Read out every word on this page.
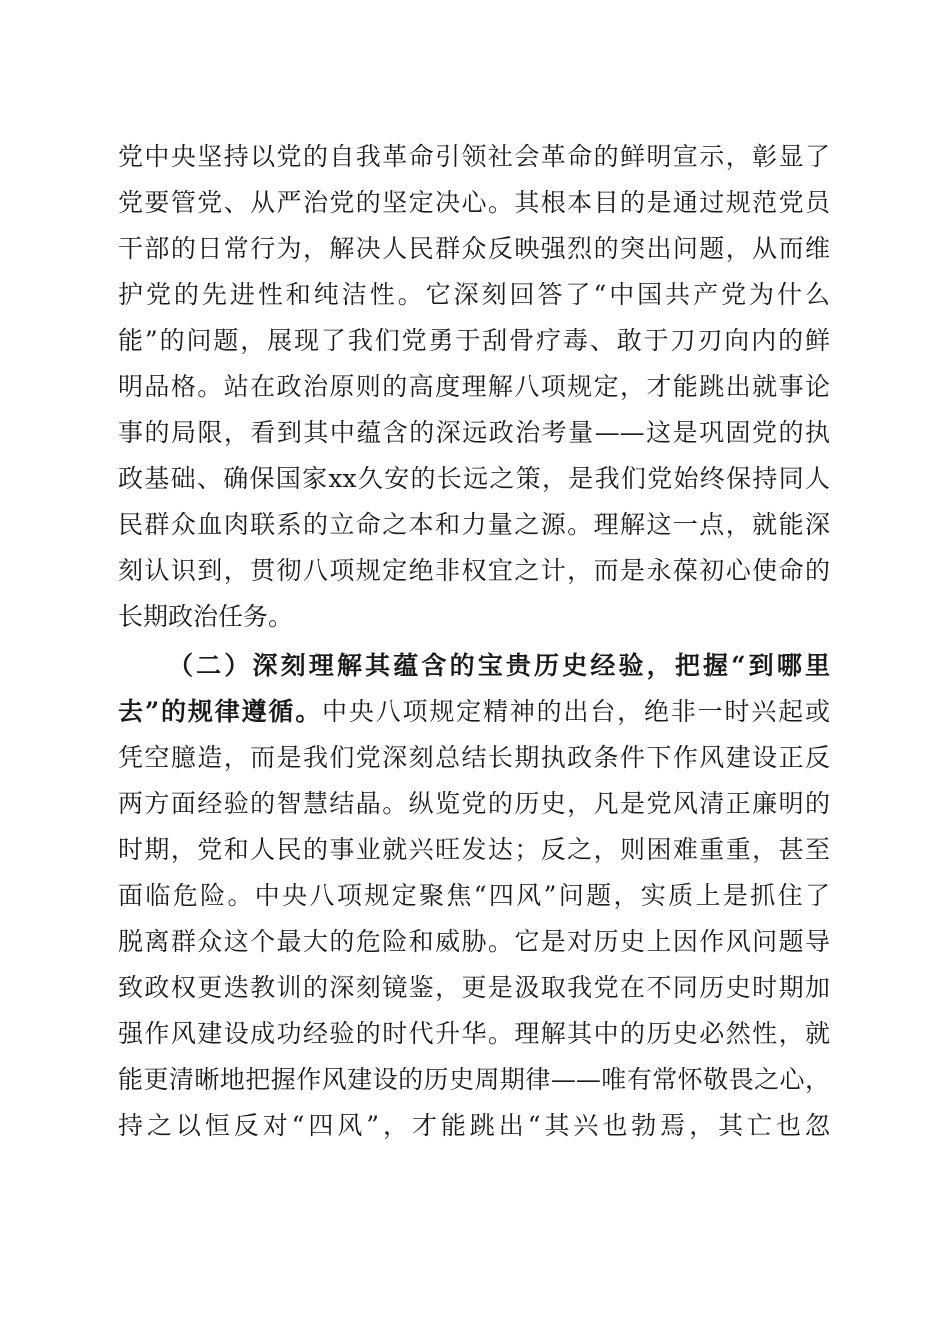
党中央坚持以党的自我革命引领社会革命的鲜明宣示，彰显了
党要管党、从严治党的坚定决心。其根本目的是通过规范党员
干部的日常行为，解决人民群众反映强烈的突出问题，从而维
护党的先进性和纯洁性。它深刻回答了“中国共产党为什么
能”的问题，展现了我们党勇于刮骨疗毒、敢于刀刃向内的鲜
明品格。站在政治原则的高度理解八项规定，才能跳出就事论
事的局限，看到其中蕴含的深远政治考量——这是巩固党的执
政基础、确保国家xx久安的长远之策，是我们党始终保持同人
民群众血肉联系的立命之本和力量之源。理解这一点，就能深
刻认识到，贯彻八项规定绝非权宜之计，而是永葆初心使命的
长期政治任务。
（二）深刻理解其蕴含的宝贵历史经验，把握“到哪里
去”的规律遵循。中央八项规定精神的出台，绝非一时兴起或
凭空臆造，而是我们党深刻总结长期执政条件下作风建设正反
两方面经验的智慧结晶。纵览党的历史，凡是党风清正廉明的
时期，党和人民的事业就兴旺发达；反之，则困难重重，甚至
面临危险。中央八项规定聚焦“四风”问题，实质上是抓住了
脱离群众这个最大的危险和威胁。它是对历史上因作风问题导
致政权更迭教训的深刻镜鉴，更是汲取我党在不同历史时期加
强作风建设成功经验的时代升华。理解其中的历史必然性，就
能更清晰地把握作风建设的历史周期律——唯有常怀敬畏之心，
持之以恒反对“四风”，才能跳出“其兴也勃焉，其亡也忽
